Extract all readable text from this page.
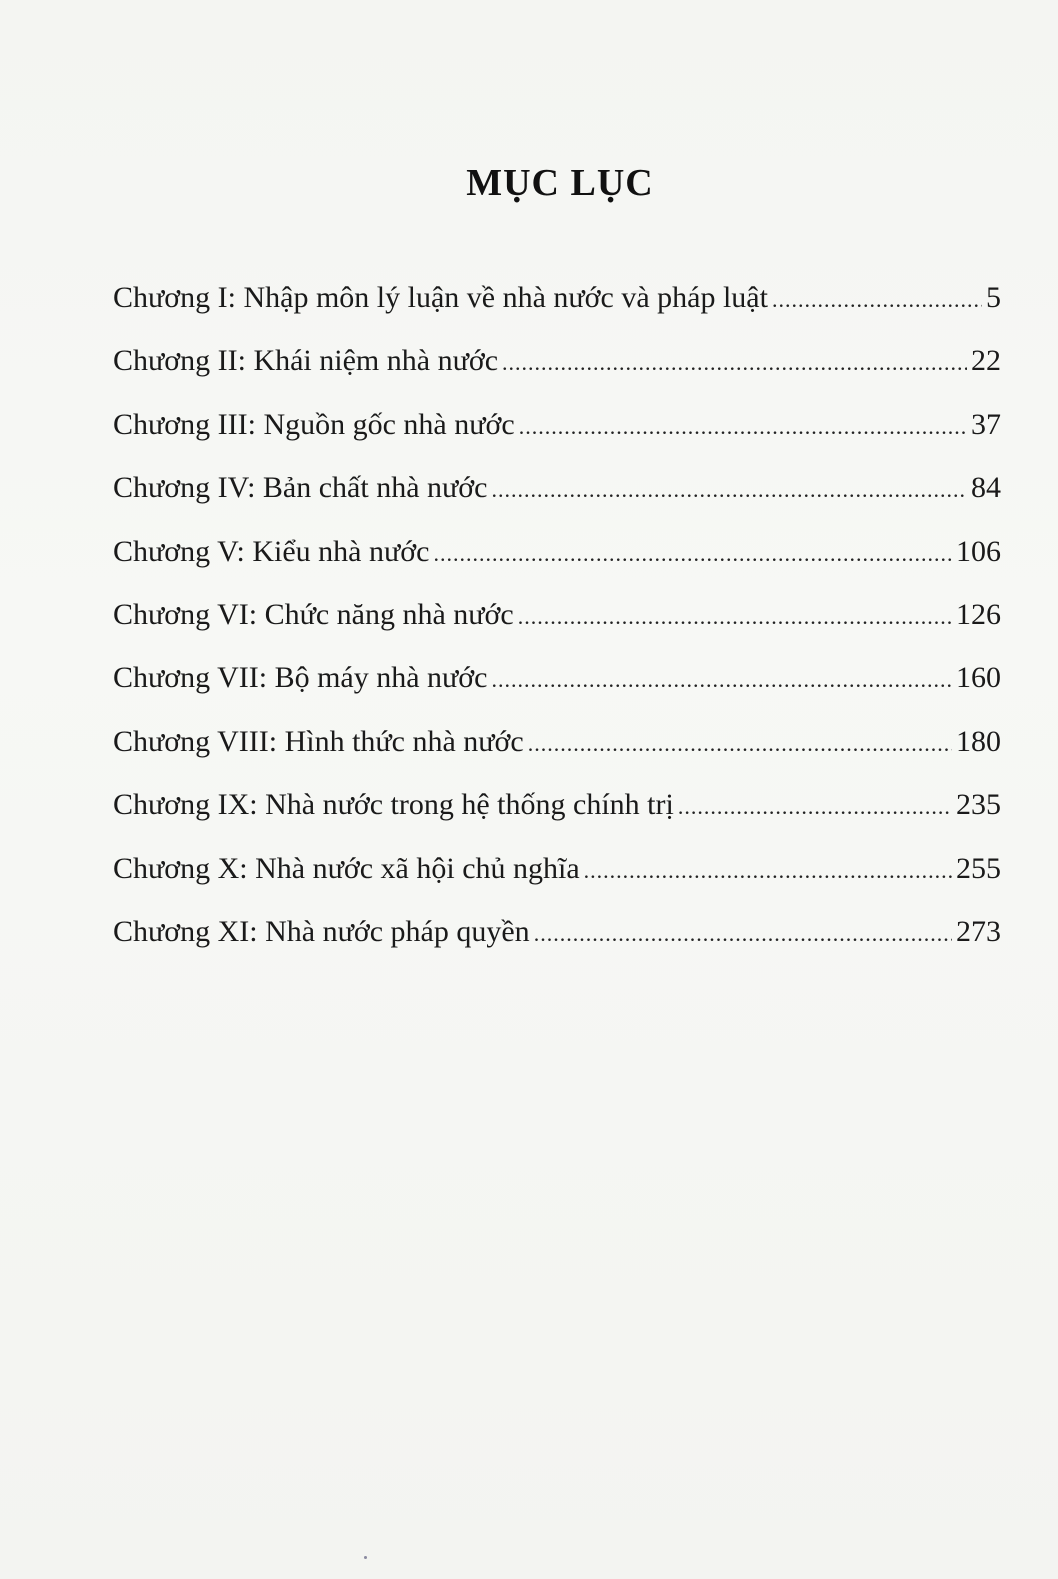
MỤC LỤC
Chương I: Nhập môn lý luận về nhà nước và pháp luật .....	5
Chương II: Khái niệm nhà nước .....	22
Chương III: Nguồn gốc nhà nước .....	37
Chương IV: Bản chất nhà nước .....	84
Chương V: Kiểu nhà nước .....	106
Chương VI: Chức năng nhà nước .....	126
Chương VII: Bộ máy nhà nước .....	160
Chương VIII: Hình thức nhà nước .....	180
Chương IX: Nhà nước trong hệ thống chính trị .....	235
Chương X: Nhà nước xã hội chủ nghĩa .....	255
Chương XI: Nhà nước pháp quyền .....	273
